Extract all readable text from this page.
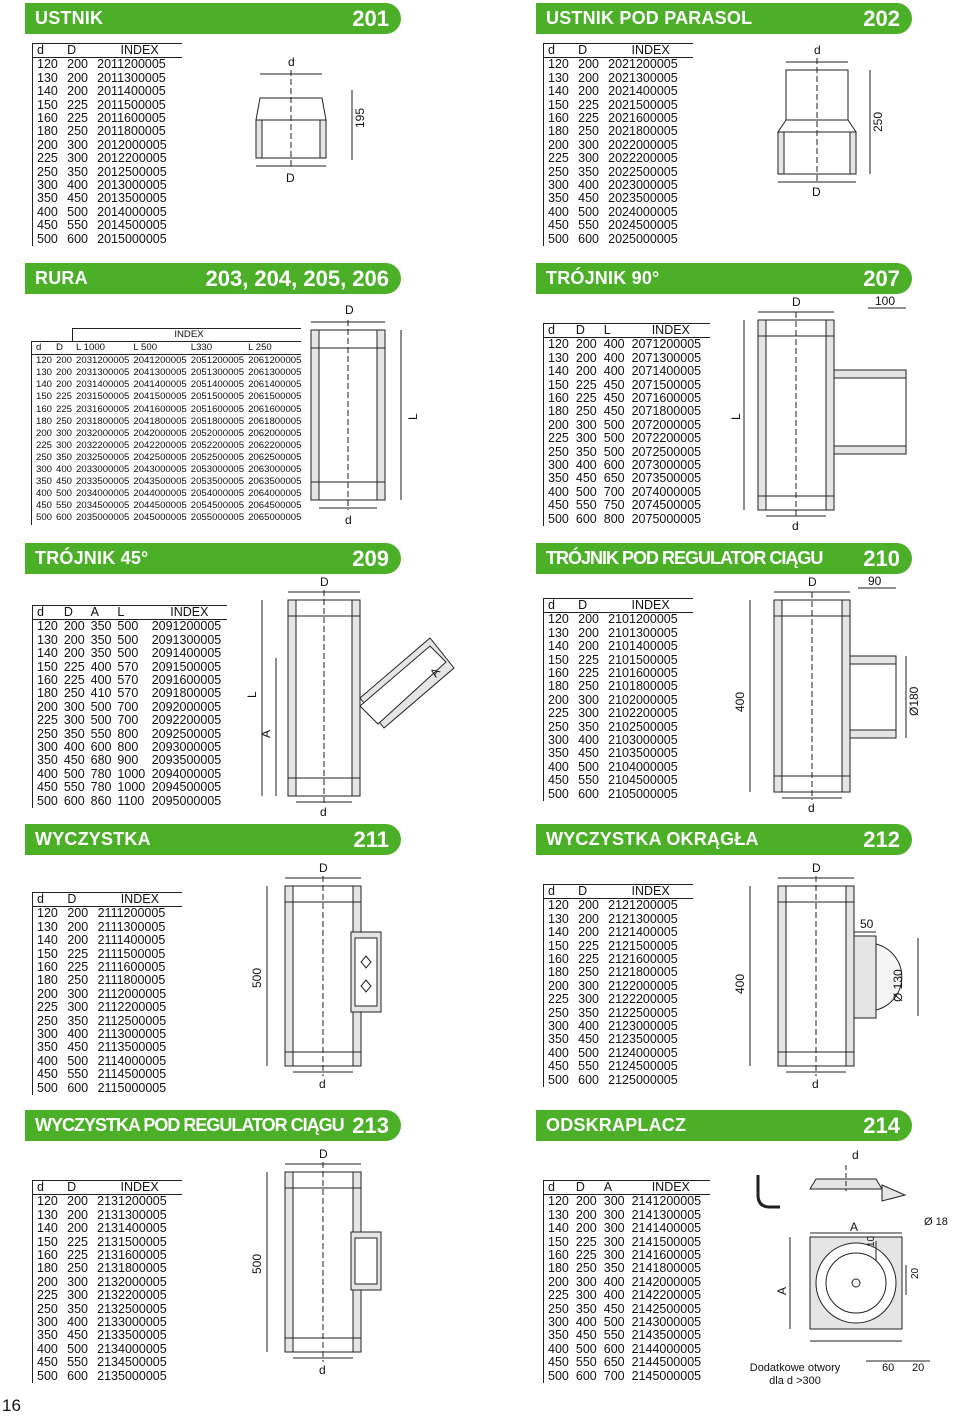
USTNIK	201	USTNIK POD PARASOL	202
RURA	203, 204, 205, 206	TRÓJNIK 90°	207
TRÓJNIK 45°	209	TRÓJNIK POD REGULATOR CIĄGU 210
WYCZYSTKA	211	WYCZYSTKA OKRĄGŁA	212
WYCZYSTKA POD REGULATOR CIĄGU 213	ODSKRAPLACZ	214
d	D	INDEX
120	200	2011200005
130	200	2011300005
140	200	2011400005
150	225	2011500005
160	225	2011600005
180	250	2011800005
200	300	2012000005
225	300	2012200005
250	350	2012500005
300	400	2013000005
350	450	2013500005
400	500	2014000005
450	550	2014500005
500	600	2015000005
d	D	INDEX
120	200	2021200005
130	200	2021300005
140	200	2021400005
150	225	2021500005
160	225	2021600005
180	250	2021800005
200	300	2022000005
225	300	2022200005
250	350	2022500005
300	400	2023000005
350	450	2023500005
400	500	2024000005
450	550	2024500005
500	600	2025000005
		INDEX			
d	D	L 1000	L 500	L330	L 250
120	200	2031200005	2041200005	2051200005	2061200005
130	200	2031300005	2041300005	2051300005	2061300005
140	200	2031400005	2041400005	2051400005	2061400005
150	225	2031500005	2041500005	2051500005	2061500005
160	225	2031600005	2041600005	2051600005	2061600005
180	250	2031800005	2041800005	2051800005	2061800005
200	300	2032000005	2042000005	2052000005	2062000005
225	300	2032200005	2042200005	2052200005	2062200005
250	350	2032500005	2042500005	2052500005	2062500005
300	400	2033000005	2043000005	2053000005	2063000005
350	450	2033500005	2043500005	2053500005	2063500005
400	500	2034000005	2044000005	2054000005	2064000005
450	550	2034500005	2044500005	2054500005	2064500005
500	600	2035000005	2045000005	2055000005	2065000005
d	D	L	INDEX
120	200	400	2071200005
130	200	400	2071300005
140	200	400	2071400005
150	225	450	2071500005
160	225	450	2071600005
180	250	450	2071800005
200	300	500	2072000005
225	300	500	2072200005
250	350	500	2072500005
300	400	600	2073000005
350	450	650	2073500005
400	500	700	2074000005
450	550	750	2074500005
500	600	800	2075000005
d	D	A	L	INDEX
120	200	350	500	2091200005
130	200	350	500	2091300005
140	200	350	500	2091400005
150	225	400	570	2091500005
160	225	400	570	2091600005
180	250	410	570	2091800005
200	300	500	700	2092000005
225	300	500	700	2092200005
250	350	550	800	2092500005
300	400	600	800	2093000005
350	450	680	900	2093500005
400	500	780	1000	2094000005
450	550	780	1000	2094500005
500	600	860	1100	2095000005
d	D	INDEX
120	200	2101200005
130	200	2101300005
140	200	2101400005
150	225	2101500005
160	225	2101600005
180	250	2101800005
200	300	2102000005
225	300	2102200005
250	350	2102500005
300	400	2103000005
350	450	2103500005
400	500	2104000005
450	550	2104500005
500	600	2105000005
d	D	INDEX
120	200	2111200005
130	200	2111300005
140	200	2111400005
150	225	2111500005
160	225	2111600005
180	250	2111800005
200	300	2112000005
225	300	2112200005
250	350	2112500005
300	400	2113000005
350	450	2113500005
400	500	2114000005
450	550	2114500005
500	600	2115000005
d	D	INDEX
120	200	2121200005
130	200	2121300005
140	200	2121400005
150	225	2121500005
160	225	2121600005
180	250	2121800005
200	300	2122000005
225	300	2122200005
250	350	2122500005
300	400	2123000005
350	450	2123500005
400	500	2124000005
450	550	2124500005
500	600	2125000005
d	D	INDEX
120	200	2131200005
130	200	2131300005
140	200	2131400005
150	225	2131500005
160	225	2131600005
180	250	2131800005
200	300	2132000005
225	300	2132200005
250	350	2132500005
300	400	2133000005
350	450	2133500005
400	500	2134000005
450	550	2134500005
500	600	2135000005
d	D	A	INDEX
120	200	300	2141200005
130	200	300	2141300005
140	200	300	2141400005
150	225	300	2141500005
160	225	300	2141600005
180	250	350	2141800005
200	300	400	2142000005
225	300	400	2142200005
250	350	450	2142500005
300	400	500	2143000005
350	450	550	2143500005
400	500	600	2144000005
450	550	650	2144500005
500	600	700	2145000005
d
D
195
d
D
250
D
L
d
D	100
L
d
D
L
A
A
d
D	90
400	Ø180
d
D
500
d
D
400
50
Ø 130
d
D
500
d
d
A
10
20
A
60 20
Ø 18
Dodatkowe otwory
dla d >300
16
